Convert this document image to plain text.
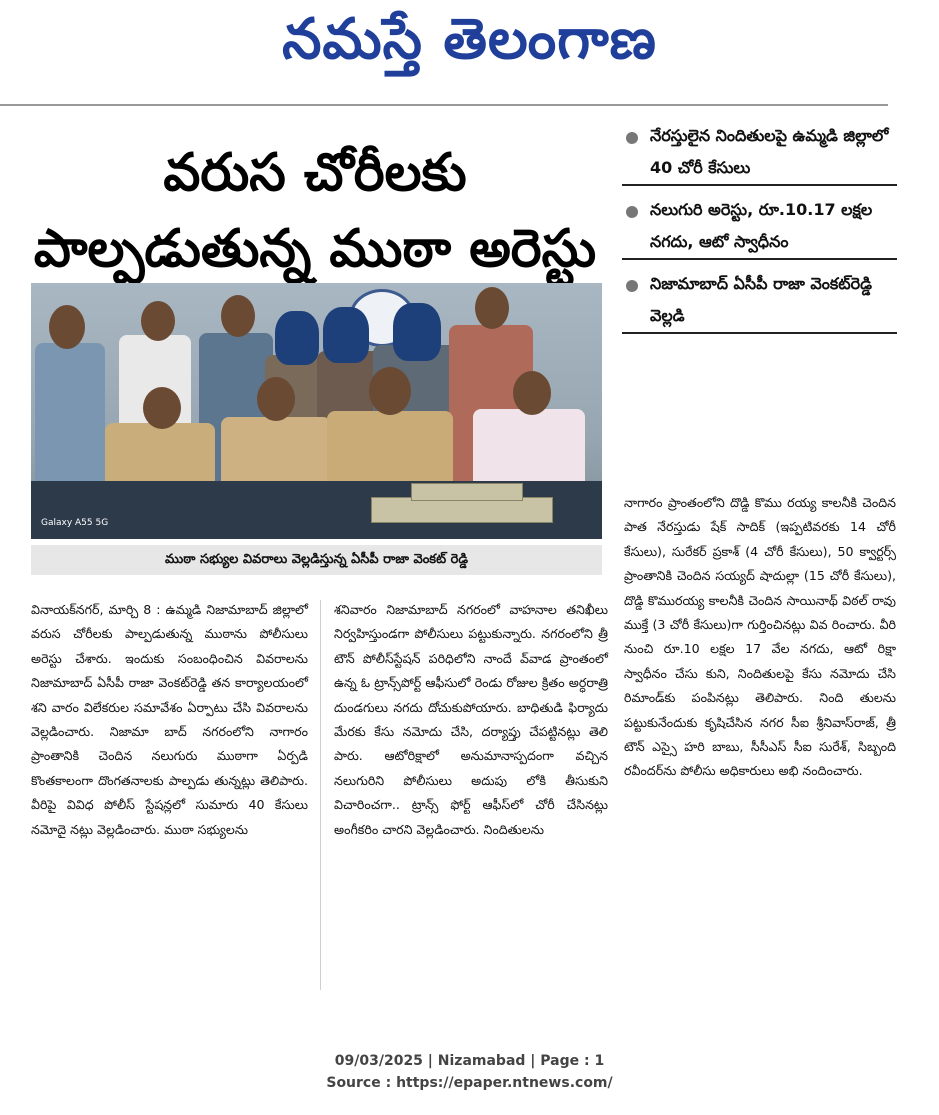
నమస్తే తెలంగాణ
వరుస చోరీలకు
పాల్పడుతున్న ముఠా అరెస్టు
Galaxy A55 5G
ముఠా సభ్యుల వివరాలు వెల్లడిస్తున్న ఏసీపీ రాజా వెంకట్ రెడ్డి
నేరస్తులైన నిందితులపై ఉమ్మడి జిల్లాలో 40 చోరీ కేసులు
నలుగురి అరెస్టు, రూ.10.17 లక్షల నగదు, ఆటో స్వాధీనం
నిజామాబాద్ ఏసీపీ రాజా వెంకట్‌రెడ్డి వెల్లడి
వినాయక్‌నగర్, మార్చి 8 : ఉమ్మడి నిజామాబాద్ జిల్లాలో వరుస చోరీలకు పాల్పడుతున్న ముఠాను పోలీసులు అరెస్టు చేశారు. ఇందుకు సంబంధించిన వివరాలను నిజామాబాద్ ఏసీపీ రాజా వెంకట్‌రెడ్డి తన కార్యాలయంలో శని వారం విలేకరుల సమావేశం ఏర్పాటు చేసి వివరాలను వెల్లడించారు. నిజామా బాద్ నగరంలోని నాగారం ప్రాంతానికి చెందిన నలుగురు ముఠాగా ఏర్పడి కొంతకాలంగా దొంగతనాలకు పాల్పడు తున్నట్లు తెలిపారు. వీరిపై వివిధ పోలీస్ స్టేషన్లలో సుమారు 40 కేసులు నమోదై నట్లు వెల్లడించారు. ముఠా సభ్యులను
శనివారం నిజామాబాద్ నగరంలో వాహనాల తనిఖీలు నిర్వహిస్తుండగా పోలీసులు పట్టుకున్నారు. నగరంలోని త్రీ టౌన్ పోలీస్‌స్టేషన్ పరిధిలోని నాందే వ్‌వాడ ప్రాంతంలో ఉన్న ఓ ట్రాన్స్‌పోర్ట్ ఆఫీసులో రెండు రోజుల క్రితం అర్ధరాత్రి దుండగులు నగదు దోచుకుపోయారు. బాధితుడి ఫిర్యాదు మేరకు కేసు నమోదు చేసి, దర్యాప్తు చేపట్టినట్లు తెలి పారు. ఆటోరిక్షాలో అనుమానాస్పదంగా వచ్చిన నలుగురిని పోలీసులు అదుపు లోకి తీసుకుని విచారించగా.. ట్రాన్స్ ఫోర్ట్ ఆఫీస్‌లో చోరీ చేసినట్లు అంగీకరిం చారని వెల్లడించారు. నిందితులను
నాగారం ప్రాంతంలోని దొడ్డి కొము రయ్య కాలనీకి చెందిన పాత నేరస్తుడు షేక్ సాదిక్ (ఇప్పటివరకు 14 చోరీ కేసులు), సురేకర్ ప్రకాశ్ (4 చోరీ కేసులు), 50 క్వార్టర్స్ ప్రాంతానికి చెందిన సయ్యద్ షాదుల్లా (15 చోరీ కేసులు), దొడ్డి కొమురయ్య కాలనీకి చెందిన సాయినాథ్ విఠల్ రావు ముక్తే (3 చోరీ కేసులు)గా గుర్తించినట్లు వివ రించారు. వీరి నుంచి రూ.10 లక్షల 17 వేల నగదు, ఆటో రిక్షా స్వాధీనం చేసు కుని, నిందితులపై కేసు నమోదు చేసి రిమాండ్‌కు పంపినట్లు తెలిపారు. నింది తులను పట్టుకునేందుకు కృషిచేసిన నగర సీఐ శ్రీనివాస్‌రాజ్, త్రీ టౌన్ ఎస్సై హరి బాబు, సీసీఎస్ సీఐ సురేశ్, సిబ్బంది రవీందర్‌ను పోలీసు అధికారులు అభి నందించారు.
09/03/2025 | Nizamabad | Page : 1
Source : https://epaper.ntnews.com/
